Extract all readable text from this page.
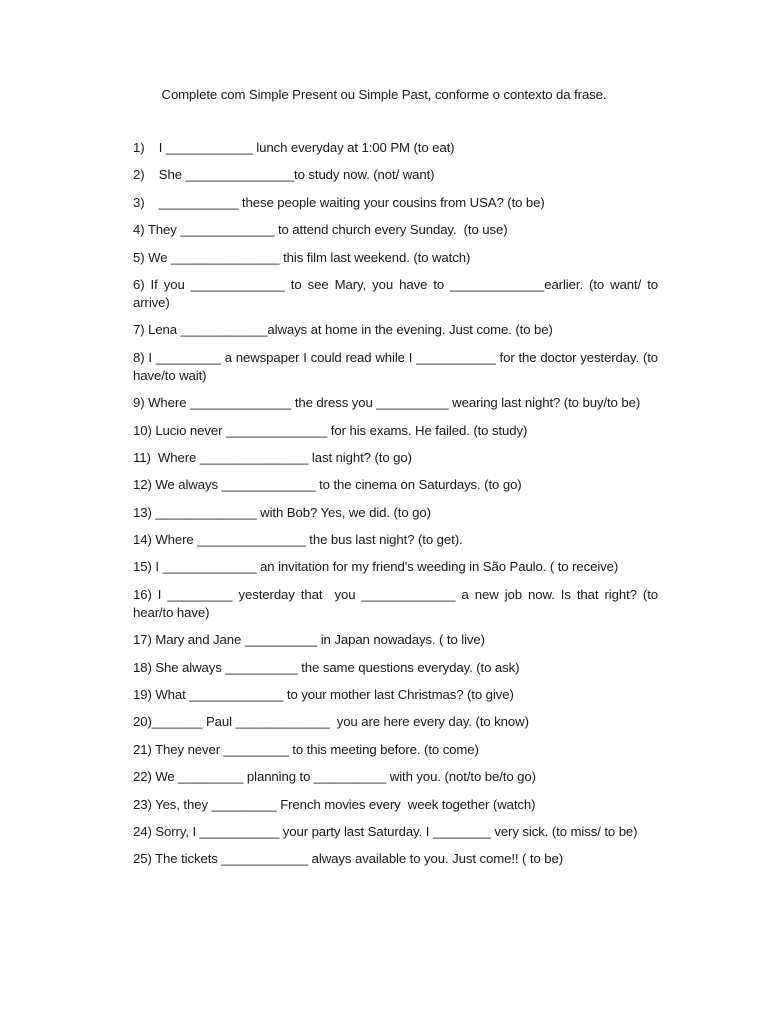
Complete com Simple Present ou Simple Past, conforme o contexto da frase.
1)    I ____________ lunch everyday at 1:00 PM (to eat)
2)    She _______________to study now. (not/ want)
3)    ___________ these people waiting your cousins from USA? (to be)
4) They _____________ to attend church every Sunday.  (to use)
5) We _______________ this film last weekend. (to watch)
6) If you _____________ to see Mary, you have to _____________earlier. (to want/ to arrive)
7) Lena ____________always at home in the evening. Just come. (to be)
8) I _________ a newspaper I could read while I ___________ for the doctor yesterday. (to have/to wait)
9) Where ______________ the dress you __________ wearing last night? (to buy/to be)
10) Lucio never ______________ for his exams. He failed. (to study)
11)  Where _______________ last night? (to go)
12) We always _____________ to the cinema on Saturdays. (to go)
13) ______________ with Bob? Yes, we did. (to go)
14) Where _______________ the bus last night? (to get).
15) I _____________ an invitation for my friend's weeding in São Paulo. ( to receive)
16) I _________ yesterday that  you _____________ a new job now. Is that right? (to hear/to have)
17) Mary and Jane __________ in Japan nowadays. ( to live)
18) She always __________ the same questions everyday. (to ask)
19) What _____________ to your mother last Christmas? (to give)
20)_______ Paul _____________  you are here every day. (to know)
21) They never _________ to this meeting before. (to come)
22) We _________ planning to __________ with you. (not/to be/to go)
23) Yes, they _________ French movies every  week together (watch)
24) Sorry, I ___________ your party last Saturday. I ________ very sick. (to miss/ to be)
25) The tickets ____________ always available to you. Just come!! ( to be)
